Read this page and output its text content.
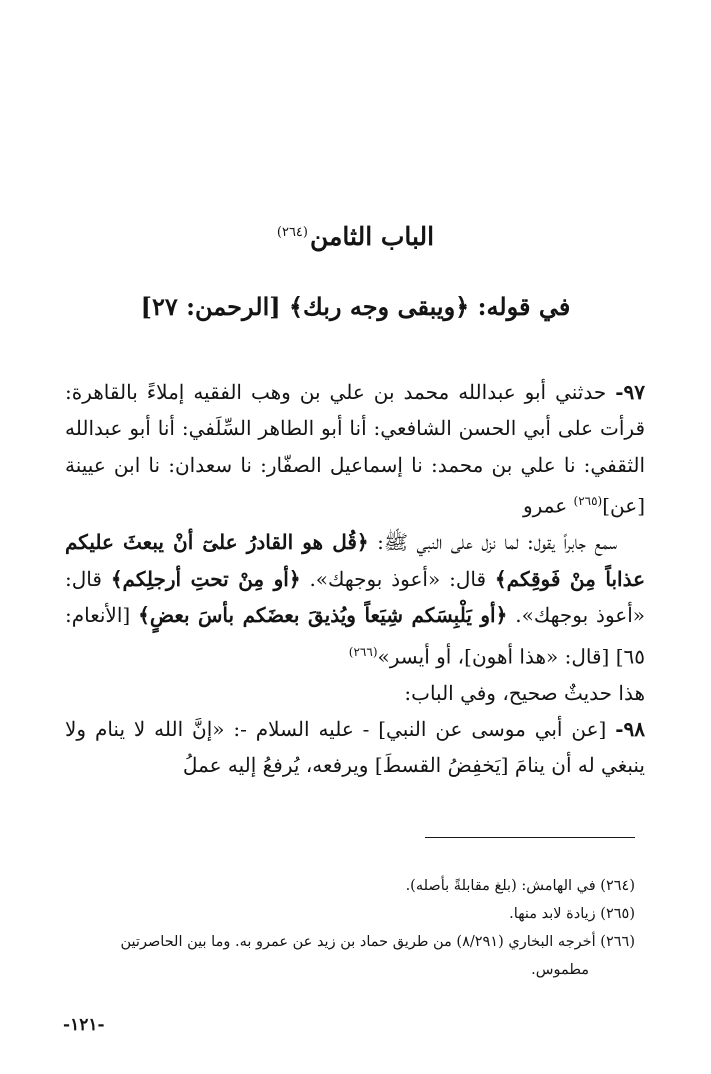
الباب الثامن$^{(٢٦٤)}$
في قوله: ﴿ويبقى وجه ربك﴾ [الرحمن: ٢٧]

٩٧- حدثني أبو عبدالله محمد بن علي بن وهب الفقيه إملاءً بالقاهرة: قرأت على أبي الحسن الشافعي: أنا أبو الطاهر السِّلَفي: أنا أبو عبدالله الثقفي: نا علي بن محمد: نا إسماعيل الصفّار: نا سعدان: نا ابن عيينة [عن]$^{(٢٦٥)}$ عمرو

سمع جابراً يقول: لما نزل على النبي ﷺ: ﴿قُل هو القادرُ علىٓ أنْ يبعثَ عليكم عذاباً مِنْ فَوقِكم﴾ قال: «أعوذ بوجهك». ﴿أو مِنْ تحتِ أرجلِكم﴾ قال: «أعوذ بوجهك». ﴿أو يَلْبِسَكم شِيَعاً ويُذيقَ بعضَكم بأسَ بعضٍ﴾ [الأنعام: ٦٥] [قال: «هذا أهون]، أو أيسر»$^{(٢٦٦)}$

هذا حديثٌ صحيح، وفي الباب:

٩٨- [عن أبي موسى عن النبي] - عليه السلام -: «إنَّ الله لا ينام ولا ينبغي له أن ينامَ [يَخفِضُ القسطَ] ويرفعه، يُرفعُ إليه عملُ

(٢٦٤) في الهامش: (بلغ مقابلةً بأصله).

(٢٦٥) زيادة لابد منها.

(٢٦٦) أخرجه البخاري (٨/٢٩١) من طريق حماد بن زيد عن عمرو به. وما بين الحاصرتين

مطموس.

-١٢١-
